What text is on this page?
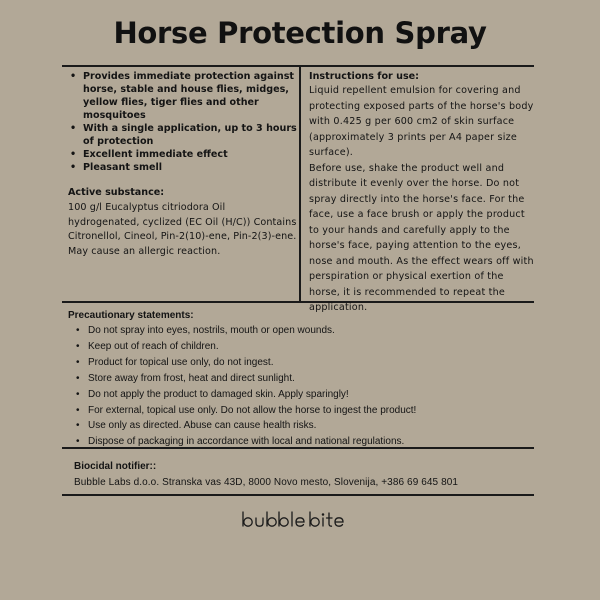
Horse Protection Spray
• Provides immediate protection against horse, stable and house flies, midges, yellow flies, tiger flies and other mosquitoes
• With a single application, up to 3 hours of protection
• Excellent immediate effect
• Pleasant smell
Active substance:
100 g/l Eucalyptus citriodora Oil hydrogenated, cyclized (EC Oil (H/C)) Contains Citronellol, Cineol, Pin-2(10)-ene, Pin-2(3)-ene. May cause an allergic reaction.
Instructions for use:
Liquid repellent emulsion for covering and protecting exposed parts of the horse's body with 0.425 g per 600 cm2 of skin surface (approximately 3 prints per A4 paper size surface).
Before use, shake the product well and distribute it evenly over the horse. Do not spray directly into the horse's face. For the face, use a face brush or apply the product to your hands and carefully apply to the horse's face, paying attention to the eyes, nose and mouth. As the effect wears off with perspiration or physical exertion of the horse, it is recommended to repeat the application.
Precautionary statements:
• Do not spray into eyes, nostrils, mouth or open wounds.
• Keep out of reach of children.
• Product for topical use only, do not ingest.
• Store away from frost, heat and direct sunlight.
• Do not apply the product to damaged skin. Apply sparingly!
• For external, topical use only. Do not allow the horse to ingest the product!
• Use only as directed. Abuse can cause health risks.
• Dispose of packaging in accordance with local and national regulations.
Biocidal notifier::
Bubble Labs d.o.o. Stranska vas 43D, 8000 Novo mesto, Slovenija, +386 69 645 801
